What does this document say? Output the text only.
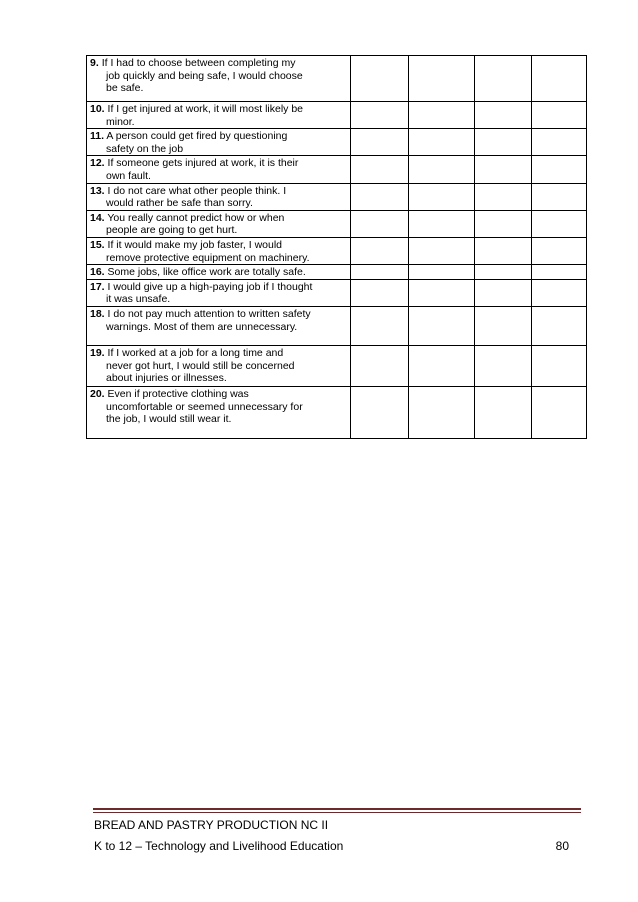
9. If I had to choose between completing my
job quickly and being safe, I would choose
be safe.				

10. If I get injured at work, it will most likely be
minor.				

11. A person could get fired by questioning
safety on the job				

12. If someone gets injured at work, it is their
own fault.				

13. I do not care what other people think. I
would rather be safe than sorry.				

14. You really cannot predict how or when
people are going to get hurt.				

15. If it would make my job faster, I would
remove protective equipment on machinery.				

16. Some jobs, like office work are totally safe.				

17. I would give up a high-paying job if I thought
it was unsafe.				

18. I do not pay much attention to written safety
warnings. Most of them are unnecessary.				

19. If I worked at a job for a long time and
never got hurt, I would still be concerned
about injuries or illnesses.				

20. Even if protective clothing was
uncomfortable or seemed unnecessary for
the job, I would still wear it.				

BREAD AND PASTRY PRODUCTION NC II
K to 12 – Technology and Livelihood Education	80
